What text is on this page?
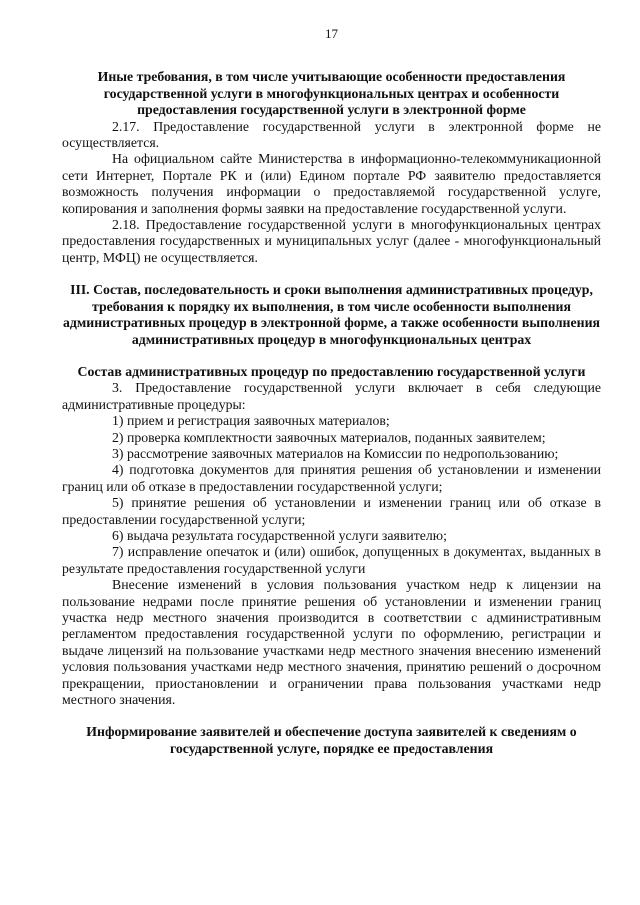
17
Иные требования, в том числе учитывающие особенности предоставления государственной услуги в многофункциональных центрах и особенности предоставления государственной услуги в электронной форме

2.17. Предоставление государственной услуги в электронной форме не осуществляется.

На официальном сайте Министерства в информационно-телекоммуникационной сети Интернет, Портале РК и (или) Едином портале РФ заявителю предоставляется возможность получения информации о предоставляемой государственной услуге, копирования и заполнения формы заявки на предоставление государственной услуги.

2.18. Предоставление государственной услуги в многофункциональных центрах предоставления государственных и муниципальных услуг (далее - многофункциональный центр, МФЦ) не осуществляется.

III. Состав, последовательность и сроки выполнения административных процедур, требования к порядку их выполнения, в том числе особенности выполнения административных процедур в электронной форме, а также особенности выполнения административных процедур в многофункциональных центрах
Состав административных процедур по предоставлению государственной услуги

3. Предоставление государственной услуги включает в себя следующие административные процедуры:

1) прием и регистрация заявочных материалов;

2) проверка комплектности заявочных материалов, поданных заявителем;

3) рассмотрение заявочных материалов на Комиссии по недропользованию;

4) подготовка документов для принятия решения об установлении и изменении границ или об отказе в предоставлении государственной услуги;

5) принятие решения об установлении и изменении границ или об отказе в предоставлении государственной услуги;

6) выдача результата государственной услуги заявителю;

7) исправление опечаток и (или) ошибок, допущенных в документах, выданных в результате предоставления государственной услуги

Внесение изменений в условия пользования участком недр к лицензии на пользование недрами после принятие решения об установлении и изменении границ участка недр местного значения производится в соответствии с административным регламентом предоставления государственной услуги по оформлению, регистрации и выдаче лицензий на пользование участками недр местного значения внесению изменений условия пользования участками недр местного значения, принятию решений о досрочном прекращении, приостановлении и ограничении права пользования участками недр местного значения.

Информирование заявителей и обеспечение доступа заявителей к сведениям о государственной услуге, порядке ее предоставления
